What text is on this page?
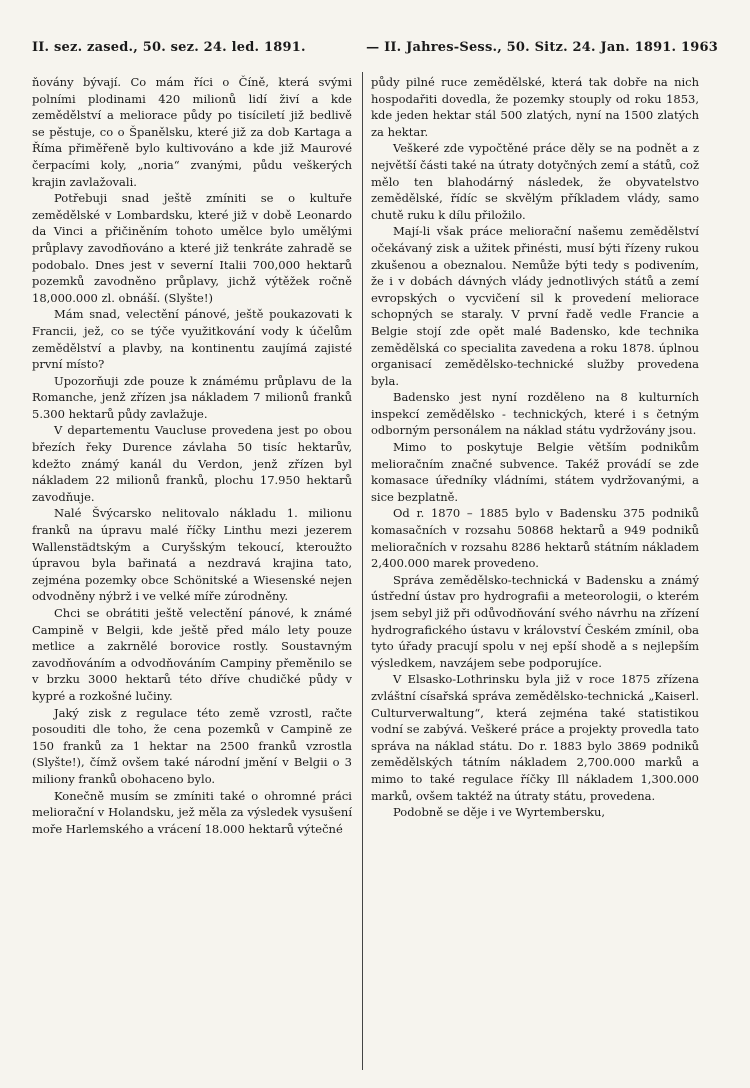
II. sez. zased., 50. sez. 24. led. 1891.	— II. Jahres-Sess., 50. Sitz. 24. Jan. 1891. 1963

ňovány bývají. Co mám říci o Číně, která svými polními plodinami 420 milionů lidí živí a kde zemědělství a meliorace půdy po tisíciletí již bedlivě se pěstuje, co o Španělsku, které již za dob Kartaga a Říma přiměřeně bylo kultivováno a kde již Maurové čerpacími koly, „noria“ zvanými, půdu veškerých krajin zavlažovali.

Potřebuji snad ještě zmíniti se o kultuře zemědělské v Lombardsku, které již v době Leonardo da Vinci a přičiněním tohoto umělce bylo umělými průplavy zavodňováno a které již tenkráte zahradě se podobalo. Dnes jest v severní Italii 700,000 hektarů pozemků zavodněno průplavy, jichž výtěžek ročně 18,000.000 zl. obnáší. (Slyšte!)

Mám snad, velectění pánové, ještě poukazovati k Francii, jež, co se týče využitkování vody k účelům zemědělství a plavby, na kontinentu zaujímá zajisté první místo?

Upozorňuji zde pouze k známému průplavu de la Romanche, jenž zřízen jsa nákladem 7 milionů franků 5.300 hektarů půdy zavlažuje.

V departementu Vaucluse provedena jest po obou březích řeky Durence závlaha 50 tisíc hektarův, kdežto známý kanál du Verdon, jenž zřízen byl nákladem 22 milionů franků, plochu 17.950 hektarů zavodňuje.

Nalé Švýcarsko nelitovalo nákladu 1. milionu franků na úpravu malé říčky Linthu mezi jezerem Wallenstädtským a Curyšským tekoucí, kteroužto úpravou byla bařinatá a nezdravá krajina tato, zejména pozemky obce Schönitské a Wiesenské nejen odvodněny nýbrž i ve velké míře zúrodněny.

Chci se obrátiti ještě velectění pánové, k známé Campině v Belgii, kde ještě před málo lety pouze metlice a zakrnělé borovice rostly. Soustavným zavodňováním a odvodňováním Campiny přeměnilo se v brzku 3000 hektarů této dříve chudičké půdy v kypré a rozkošné lučiny.

Jaký zisk z regulace této země vzrostl, račte posouditi dle toho, že cena pozemků v Campině ze 150 franků za 1 hektar na 2500 franků vzrostla (Slyšte!), čímž ovšem také národní jmění v Belgii o 3 miliony franků obohaceno bylo.

Konečně musím se zmíniti také o ohromné práci meliorační v Holandsku, jež měla za výsledek vysušení moře Harlemského a vrácení 18.000 hektarů výtečné

půdy pilné ruce zemědělské, která tak dobře na nich hospodařiti dovedla, že pozemky stouply od roku 1853, kde jeden hektar stál 500 zlatých, nyní na 1500 zlatých za hektar.

Veškeré zde vypočtěné práce děly se na podnět a z největší části také na útraty dotyčných zemí a států, což mělo ten blahodárný následek, že obyvatelstvo zemědělské, řídíc se skvělým příkladem vlády, samo chutě ruku k dílu přiložilo.

Mají-li však práce meliorační našemu zemědělství očekávaný zisk a užitek přinésti, musí býti řízeny rukou zkušenou a obeznalou. Nemůže býti tedy s podivením, že i v dobách dávných vlády jednotlivých států a zemí evropských o vycvičení sil k provedení meliorace schopných se staraly. V první řadě vedle Francie a Belgie stojí zde opět malé Badensko, kde technika zemědělská co specialita zavedena a roku 1878. úplnou organisací zemědělsko-technické služby provedena byla.

Badensko jest nyní rozděleno na 8 kulturních inspekcí zemědělsko - technických, které i s četným odborným personálem na náklad státu vydržovány jsou.

Mimo to poskytuje Belgie větším podnikům melioračním značné subvence. Takéž provádí se zde komasace úředníky vládními, státem vydržovanými, a sice bezplatně.

Od r. 1870 – 1885 bylo v Badensku 375 podniků komasačních v rozsahu 50868 hektarů a 949 podniků melioračních v rozsahu 8286 hektarů státním nákladem 2,400.000 marek provedeno.

Správa zemědělsko-technická v Badensku a známý ústřední ústav pro hydrografii a meteorologii, o kterém jsem sebyl již při odůvodňování svého návrhu na zřízení hydrografického ústavu v království Českém zmínil, oba tyto úřady pracují spolu v nej epší shodě a s nejlepším výsledkem, navzájem sebe podporujíce.

V Elsasko-Lothrinsku byla již v roce 1875 zřízena zvláštní císařská správa zemědělsko-technická „Kaiserl. Culturverwaltung“, která zejména také statistikou vodní se zabývá. Veškeré práce a projekty provedla tato správa na náklad státu. Do r. 1883 bylo 3869 podniků zemědělských tátním nákladem 2,700.000 marků a mimo to také regulace říčky Ill nákladem 1,300.000 marků, ovšem taktéž na útraty státu, provedena.

Podobně se děje i ve Wyrtembersku,
